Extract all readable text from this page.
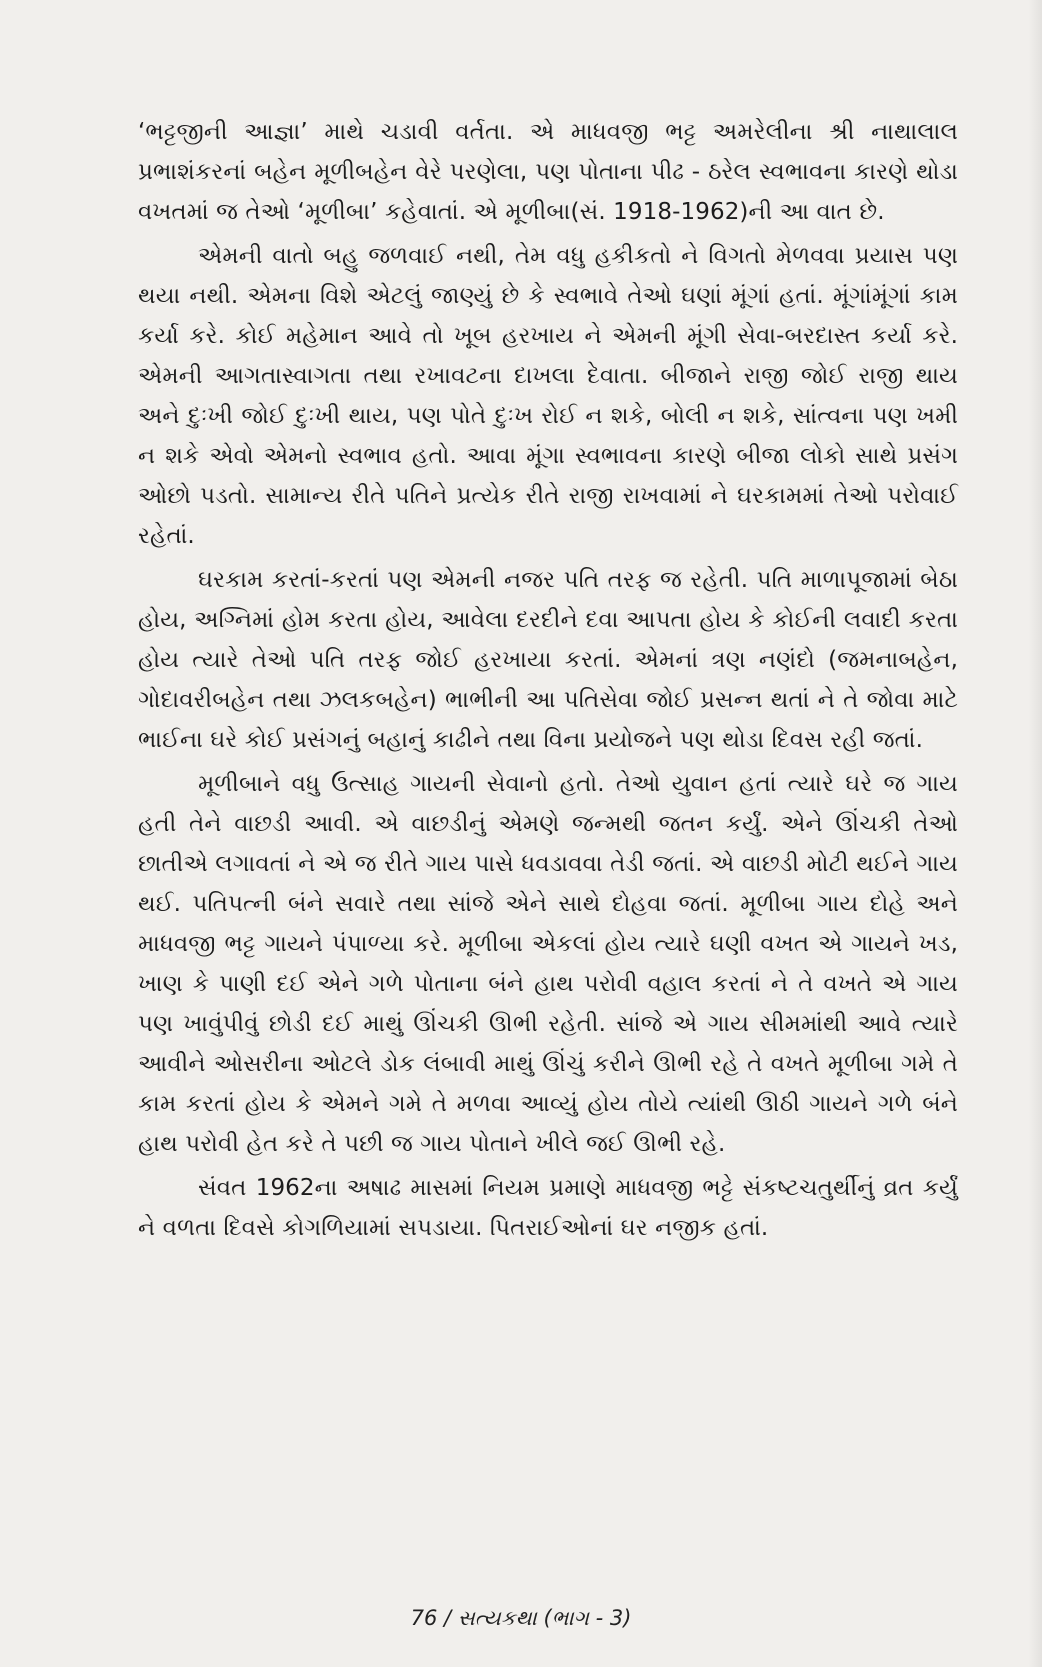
‘ભટ્ટજીની આજ્ઞા’ માથે ચડાવી વર્તતા. એ માધવજી ભટ્ટ અમરેલીના શ્રી નાથાલાલ પ્રભાશંકરનાં બહેન મૂળીબહેન વેરે પરણેલા, પણ પોતાના પીઢ - ઠરેલ સ્વભાવના કારણે થોડા વખતમાં જ તેઓ ‘મૂળીબા’ કહેવાતાં. એ મૂળીબા(સં. 1918-1962)ની આ વાત છે.

એમની વાતો બહુ જળવાઈ નથી, તેમ વધુ હકીકતો ને વિગતો મેળવવા પ્રયાસ પણ થયા નથી. એમના વિશે એટલું જાણ્યું છે કે સ્વભાવે તેઓ ઘણાં મૂંગાં હતાં. મૂંગાંમૂંગાં કામ કર્યા કરે. કોઈ મહેમાન આવે તો ખૂબ હરખાય ને એમની મૂંગી સેવા-બરદાસ્ત કર્યા કરે. એમની આગતાસ્વાગતા તથા રખાવટના દાખલા દેવાતા. બીજાને રાજી જોઈ રાજી થાય અને દુઃખી જોઈ દુઃખી થાય, પણ પોતે દુઃખ રોઈ ન શકે, બોલી ન શકે, સાંત્વના પણ ખમી ન શકે એવો એમનો સ્વભાવ હતો. આવા મૂંગા સ્વભાવના કારણે બીજા લોકો સાથે પ્રસંગ ઓછો પડતો. સામાન્ય રીતે પતિને પ્રત્યેક રીતે રાજી રાખવામાં ને ઘરકામમાં તેઓ પરોવાઈ રહેતાં.

ઘરકામ કરતાં-કરતાં પણ એમની નજર પતિ તરફ જ રહેતી. પતિ માળાપૂજામાં બેઠા હોય, અગ્નિમાં હોમ કરતા હોય, આવેલા દરદીને દવા આપતા હોય કે કોઈની લવાદી કરતા હોય ત્યારે તેઓ પતિ તરફ જોઈ હરખાયા કરતાં. એમનાં ત્રણ નણંદો (જમનાબહેન, ગોદાવરીબહેન તથા ઝલકબહેન) ભાભીની આ પતિસેવા જોઈ પ્રસન્ન થતાં ને તે જોવા માટે ભાઈના ઘરે કોઈ પ્રસંગનું બહાનું કાઢીને તથા વિના પ્રયોજને પણ થોડા દિવસ રહી જતાં.

મૂળીબાને વધુ ઉત્સાહ ગાયની સેવાનો હતો. તેઓ યુવાન હતાં ત્યારે ઘરે જ ગાય હતી તેને વાછડી આવી. એ વાછડીનું એમણે જન્મથી જતન કર્યું. એને ઊંચકી તેઓ છાતીએ લગાવતાં ને એ જ રીતે ગાય પાસે ધવડાવવા તેડી જતાં. એ વાછડી મોટી થઈને ગાય થઈ. પતિપત્ની બંને સવારે તથા સાંજે એને સાથે દોહવા જતાં. મૂળીબા ગાય દોહે અને માધવજી ભટ્ટ ગાયને પંપાળ્યા કરે. મૂળીબા એકલાં હોય ત્યારે ઘણી વખત એ ગાયને ખડ, ખાણ કે પાણી દઈ એને ગળે પોતાના બંને હાથ પરોવી વહાલ કરતાં ને તે વખતે એ ગાય પણ ખાવુંપીવું છોડી દઈ માથું ઊંચકી ઊભી રહેતી. સાંજે એ ગાય સીમમાંથી આવે ત્યારે આવીને ઓસરીના ઓટલે ડોક લંબાવી માથું ઊંચું કરીને ઊભી રહે તે વખતે મૂળીબા ગમે તે કામ કરતાં હોય કે એમને ગમે તે મળવા આવ્યું હોય તોયે ત્યાંથી ઊઠી ગાયને ગળે બંને હાથ પરોવી હેત કરે તે પછી જ ગાય પોતાને ખીલે જઈ ઊભી રહે.

સંવત 1962ના અષાઢ માસમાં નિયમ પ્રમાણે માધવજી ભટ્ટે સંકષ્ટચતુર્થીનું વ્રત કર્યું ને વળતા દિવસે કોગળિયામાં સપડાયા. પિતરાઈઓનાં ઘર નજીક હતાં.

76 / સત્યકથા (ભાગ - 3)
